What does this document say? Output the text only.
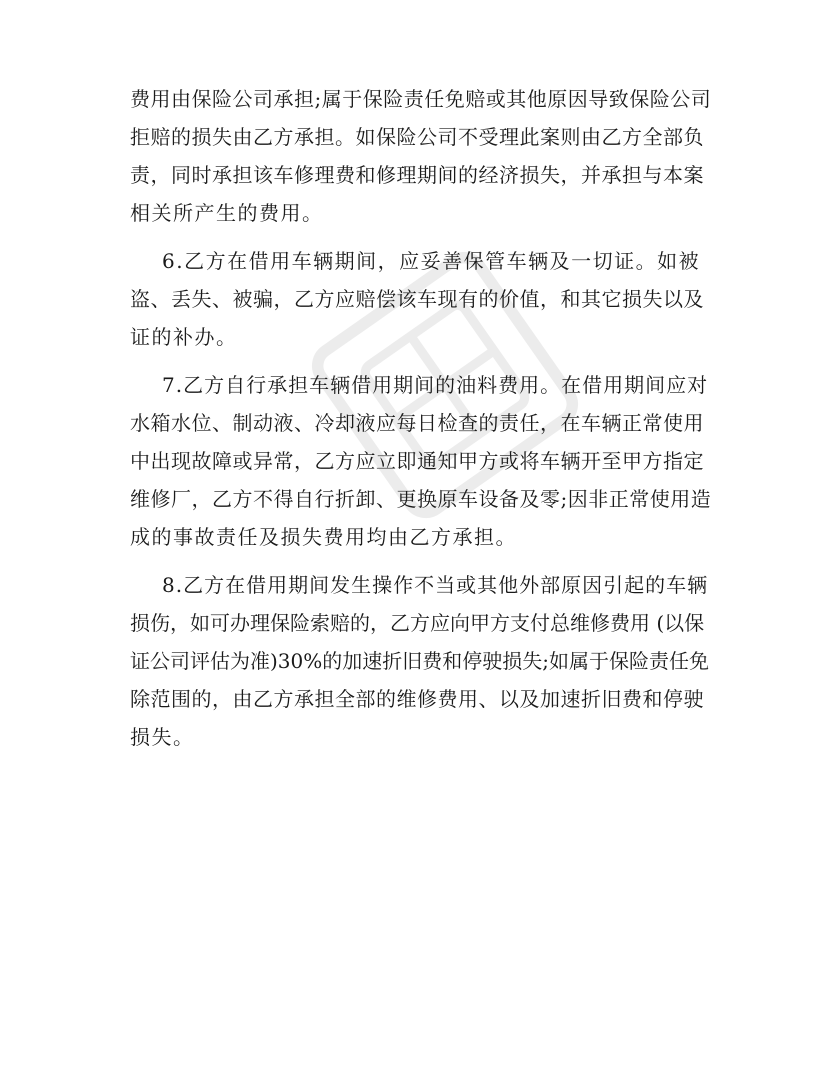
费用由保险公司承担;属于保险责任免赔或其他原因导致保险公司
拒赔的损失由乙方承担。如保险公司不受理此案则由乙方全部负
责，同时承担该车修理费和修理期间的经济损失，并承担与本案
相关所产生的费用。
6.乙方在借用车辆期间，应妥善保管车辆及一切证。如被
盗、丢失、被骗，乙方应赔偿该车现有的价值，和其它损失以及
证的补办。
7.乙方自行承担车辆借用期间的油料费用。在借用期间应对
水箱水位、制动液、冷却液应每日检查的责任，在车辆正常使用
中出现故障或异常，乙方应立即通知甲方或将车辆开至甲方指定
维修厂，乙方不得自行折卸、更换原车设备及零;因非正常使用造
成的事故责任及损失费用均由乙方承担。
8.乙方在借用期间发生操作不当或其他外部原因引起的车辆
损伤，如可办理保险索赔的，乙方应向甲方支付总维修费用 (以保
证公司评估为准)30%的加速折旧费和停驶损失;如属于保险责任免
除范围的，由乙方承担全部的维修费用、以及加速折旧费和停驶
损失。
